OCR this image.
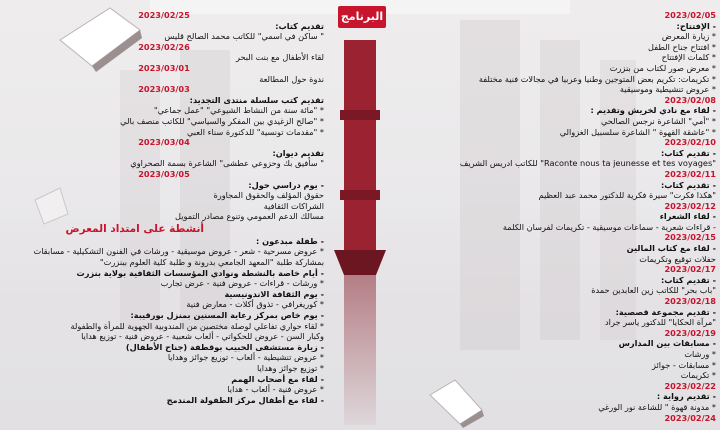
البرنامج
2023/02/25
تقديم كتاب:
" ساكن في اسمي" للكاتب محمد الصالح قليس
2023/02/26
لقاء الأطفال مع بنت البحر
2023/03/01
ندوة حول المطالعة
2023/03/03
تقديم كتب سلسلة منتدى التجديد:
* "مائة سنة من النشاط الشيوعي" "عمل جماعي"
* "صالح الزغيدي بين المفكر والسياسي" للكاتب منصف بالي
* "مقدمات تونسية" للدكتورة سناء العبي
2023/03/04
تقديم ديوان:
" سأفيق بك وحزوعي عطشى" الشاعرة بسمة الصحراوي
2023/03/05
- يوم دراسي حول:
حقوق المؤلف والحقوق المجاورة
الشراكات الثقافية
مسالك الدعم العمومي وتنوع مصادر التمويل
أنشطة على امتداد المعرض
- طفلة مبدعون :
* عروض مسرحية - شعر - عروض موسيقية - ورشات في الفنون التشكيلية - مسابقات
بمشاركة طلبة "المعهد الجامعي بدرونة و طلبة كلية العلوم ببنزرت"
- أيام خاصة بالنشطة ونوادي المؤسسات الثقافية بولاية بنزرت
* ورشات - قراءات - عروض فنية - عرض تجارب
- يوم الثقافة الاندونيسية
* كوريغرافي - تذوق أكلات - معارض فنية
- يوم خاص بمركز رعاية المسنين بمنزل بورقيبة:
* لقاء حواري تفاعلي لوصلة مختصين من المندوبية الجهوية للمرأة والطفولة
وكبار السن - عروض للحكواتي - ألعاب شعبية - عروض فنية - توزيع هدايا
- زيارة مستشفى الحبيب بوقطفة (جناح الأطفال)
* عروض تنشيطية - ألعاب - توزيع جوائز وهدايا
* توزيع جوائز وهدايا
- لقاء مع أصحاب الهمم
* عروض فنية - ألعاب - هدايا
- لقاء مع أطفال مركز الطفولة المندمج
2023/02/05
- الإفتتاح:
* زيارة المعرض
* افتتاح جناح الطفل
* كلمات الإفتتاح
* معرض صور لكتاب من بنزرت
* تكريمات: تكريم بعض المتوجين وطنيا وعربيا في مجالات فنية مختلفة
* عروض تنشيطية وموسيقية
2023/02/08
- لقاء مع نادي لخريش وتقديم :
* "أمي" الشاعرة نرجس الصالحي
* "عاشقة القهوة " الشاعرة سلسبيل الغزوالي
2023/02/10
- تقديم كتاب:
"Raconte nous ta jeunesse et tes voyages" للكاتب ادريس الشريف
2023/02/11
- تقديم كتاب:
"هكذا فكرت" سيرة فكرية للدكتور محمد عبد العظيم
2023/02/12
- لقاء الشعراء
- قراءات شعرية - سماعات موسيقية - تكريمات لفرسان الكلمة
2023/02/15
- لقاء مع كتاب المالين
حفلات توقيع وتكريمات
2023/02/17
- تقديم كتاب:
"باب بحر" للكاتب زين العابدين حمدة
2023/02/18
- تقديم مجموعة قصصية:
"مرآة الحكايا" للدكتور ياسر جراد
2023/02/19
- مسابقات بين المدارس
* ورشات
* مسابقات - جوائز
* تكريمات
2023/02/22
- تقديم رواية :
* مدونة قهوة " للشاعة نور الورغي
2023/02/24
